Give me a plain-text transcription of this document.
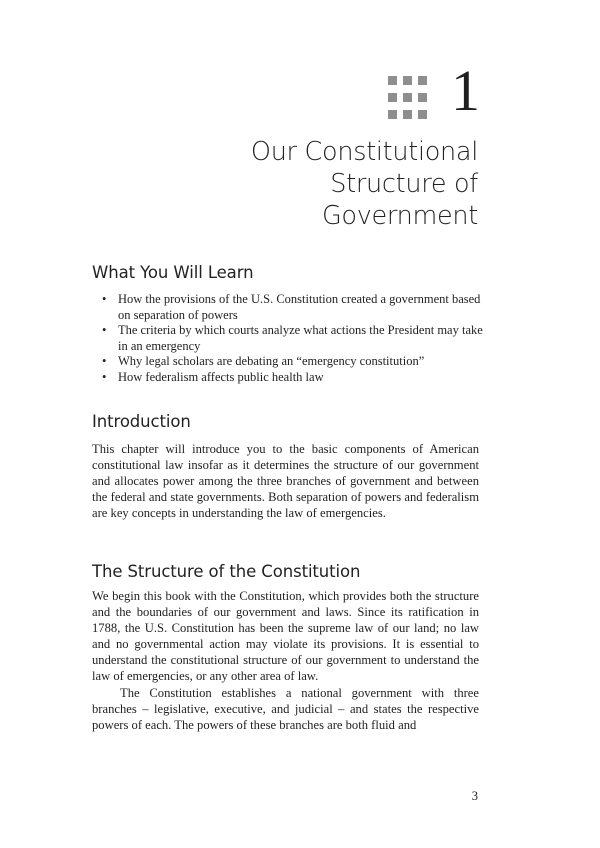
1
Our Constitutional
Structure of
Government
What You Will Learn
• How the provisions of the U.S. Constitution created a government based on separation of powers
• The criteria by which courts analyze what actions the President may take in an emergency
• Why legal scholars are debating an “emergency constitution”
• How federalism affects public health law
Introduction

This chapter will introduce you to the basic components of American constitutional law insofar as it determines the structure of our government and allocates power among the three branches of government and between the federal and state governments. Both separation of powers and federalism are key concepts in understanding the law of emergencies.

The Structure of the Constitution

We begin this book with the Constitution, which provides both the structure and the boundaries of our government and laws. Since its ratification in 1788, the U.S. Constitution has been the supreme law of our land; no law and no governmental action may violate its provisions. It is essential to understand the constitutional structure of our government to understand the law of emergencies, or any other area of law.

The Constitution establishes a national government with three branches – legislative, executive, and judicial – and states the respective powers of each. The powers of these branches are both fluid and

3
